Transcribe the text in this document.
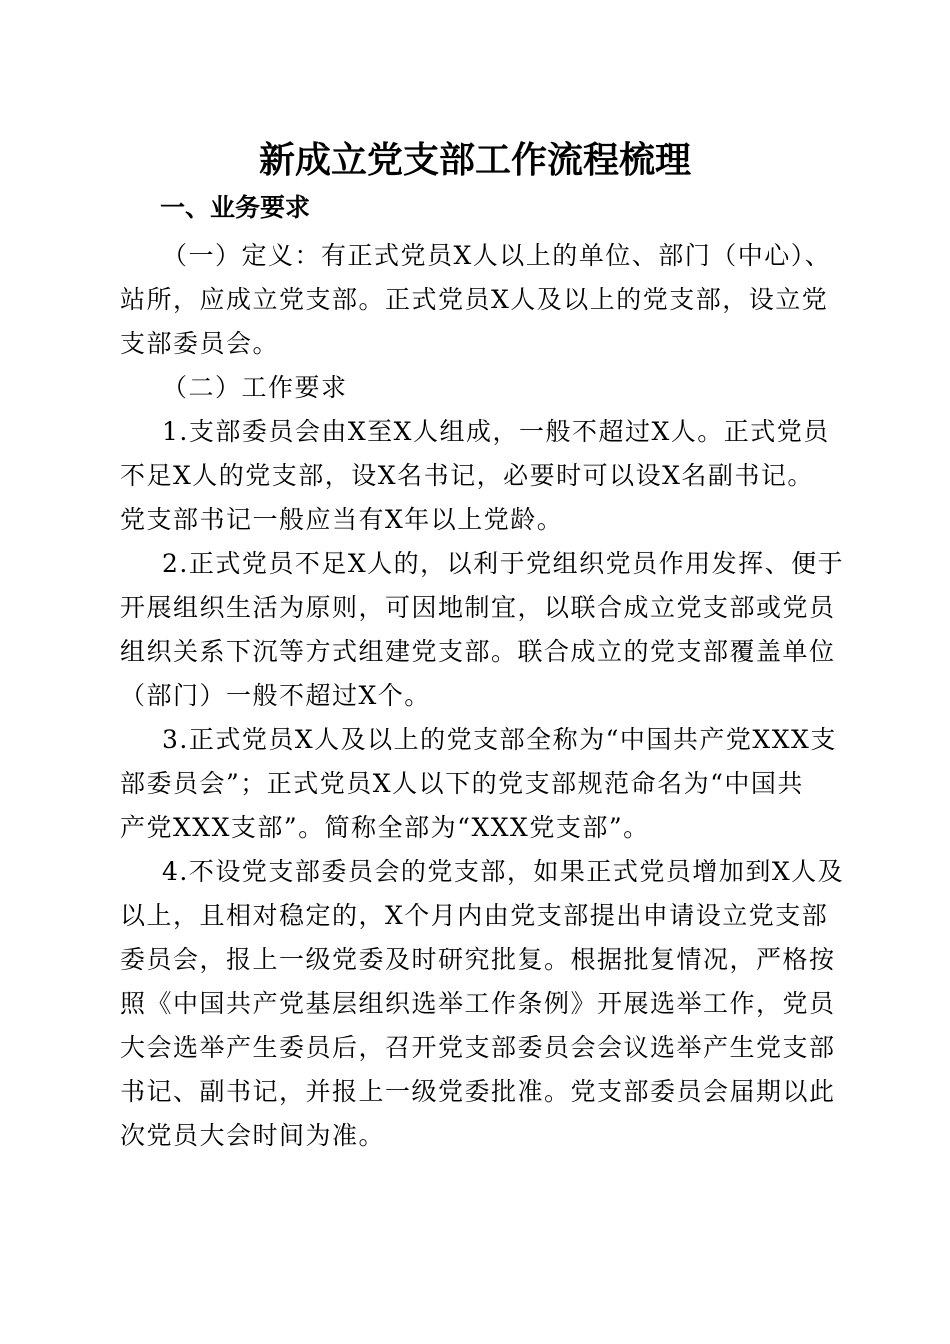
新成立党支部工作流程梳理
一、业务要求
（一）定义：有正式党员X人以上的单位、部门（中心）、
站所，应成立党支部。正式党员X人及以上的党支部，设立党
支部委员会。
（二）工作要求
1.支部委员会由X至X人组成，一般不超过X人。正式党员
不足X人的党支部，设X名书记，必要时可以设X名副书记。
党支部书记一般应当有X年以上党龄。
2.正式党员不足X人的，以利于党组织党员作用发挥、便于
开展组织生活为原则，可因地制宜，以联合成立党支部或党员
组织关系下沉等方式组建党支部。联合成立的党支部覆盖单位
（部门）一般不超过X个。
3.正式党员X人及以上的党支部全称为“中国共产党XXX支
部委员会”；正式党员X人以下的党支部规范命名为“中国共
产党XXX支部”。简称全部为“XXX党支部”。
4.不设党支部委员会的党支部，如果正式党员增加到X人及
以上，且相对稳定的，X个月内由党支部提出申请设立党支部
委员会，报上一级党委及时研究批复。根据批复情况，严格按
照《中国共产党基层组织选举工作条例》开展选举工作，党员
大会选举产生委员后，召开党支部委员会会议选举产生党支部
书记、副书记，并报上一级党委批准。党支部委员会届期以此
次党员大会时间为准。
